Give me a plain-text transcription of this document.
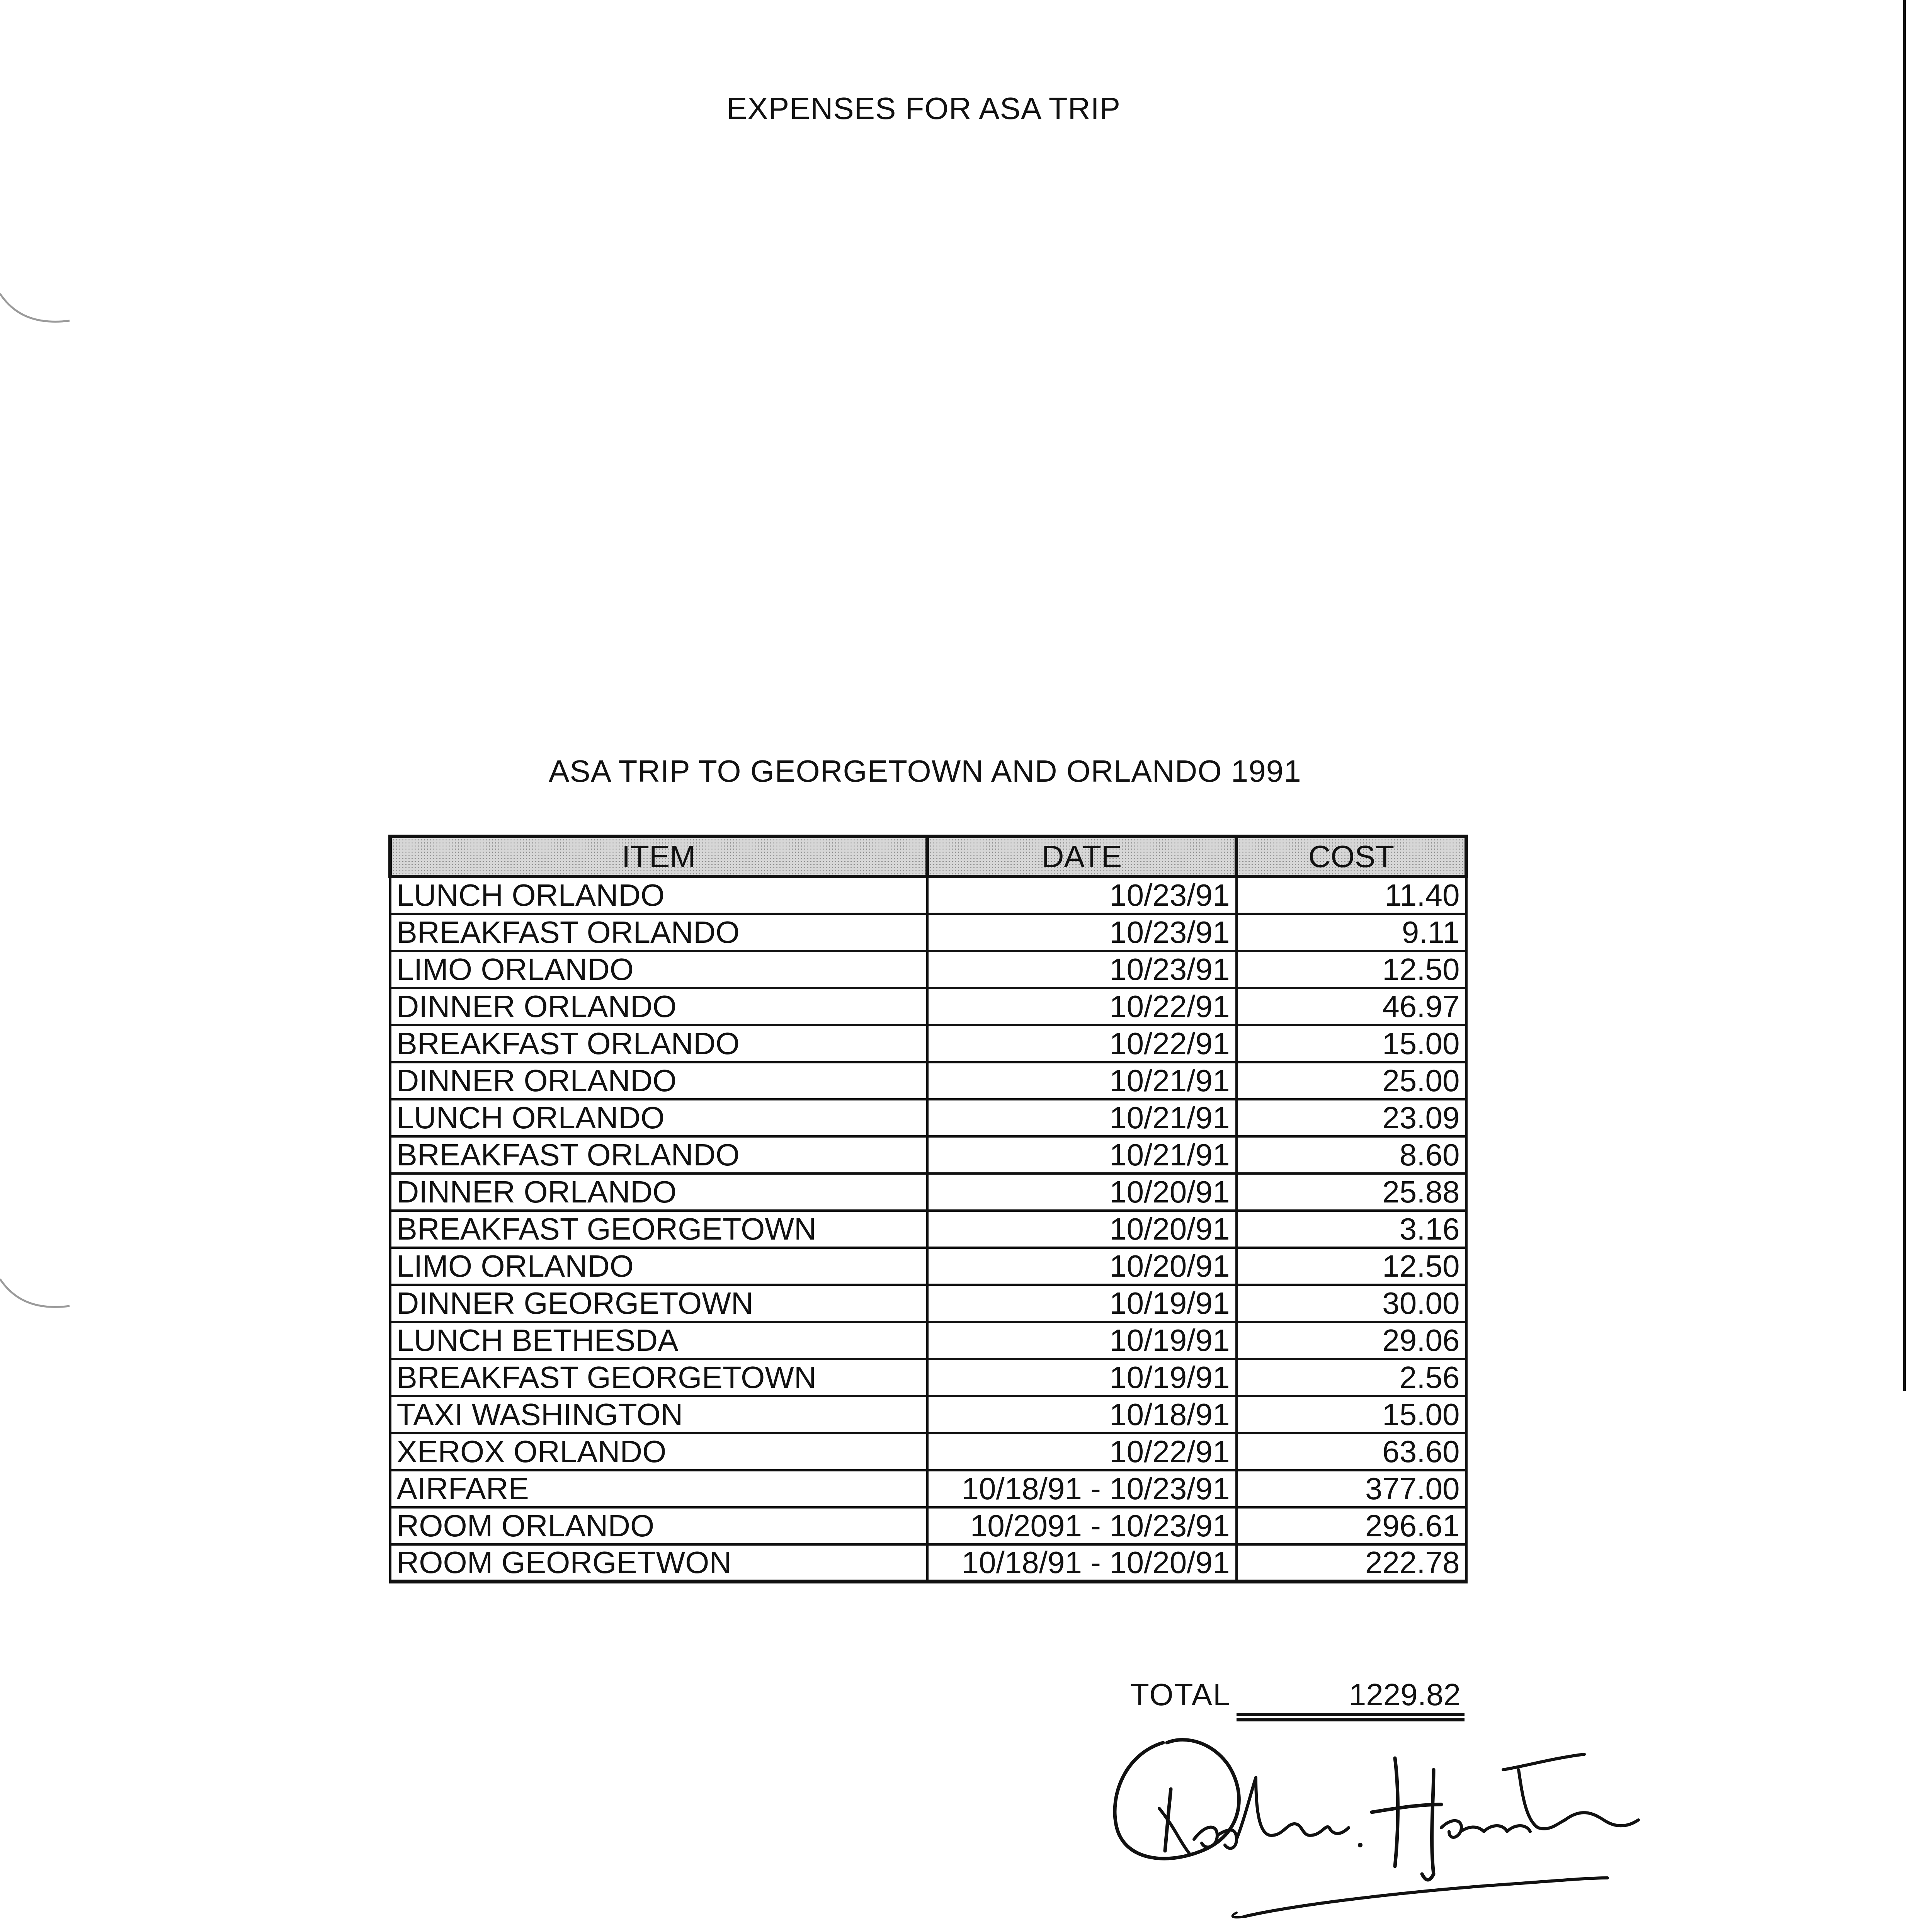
EXPENSES FOR ASA TRIP
ASA TRIP TO GEORGETOWN AND ORLANDO 1991
ITEM	DATE	COST
LUNCH ORLANDO	10/23/91	11.40
BREAKFAST ORLANDO	10/23/91	9.11
LIMO ORLANDO	10/23/91	12.50
DINNER ORLANDO	10/22/91	46.97
BREAKFAST ORLANDO	10/22/91	15.00
DINNER ORLANDO	10/21/91	25.00
LUNCH ORLANDO	10/21/91	23.09
BREAKFAST ORLANDO	10/21/91	8.60
DINNER ORLANDO	10/20/91	25.88
BREAKFAST GEORGETOWN	10/20/91	3.16
LIMO ORLANDO	10/20/91	12.50
DINNER GEORGETOWN	10/19/91	30.00
LUNCH BETHESDA	10/19/91	29.06
BREAKFAST GEORGETOWN	10/19/91	2.56
TAXI WASHINGTON	10/18/91	15.00
XEROX ORLANDO	10/22/91	63.60
AIRFARE	10/18/91 - 10/23/91	377.00
ROOM ORLANDO	10/2091 - 10/23/91	296.61
ROOM GEORGETWON	10/18/91 - 10/20/91	222.78
TOTAL	1229.82
